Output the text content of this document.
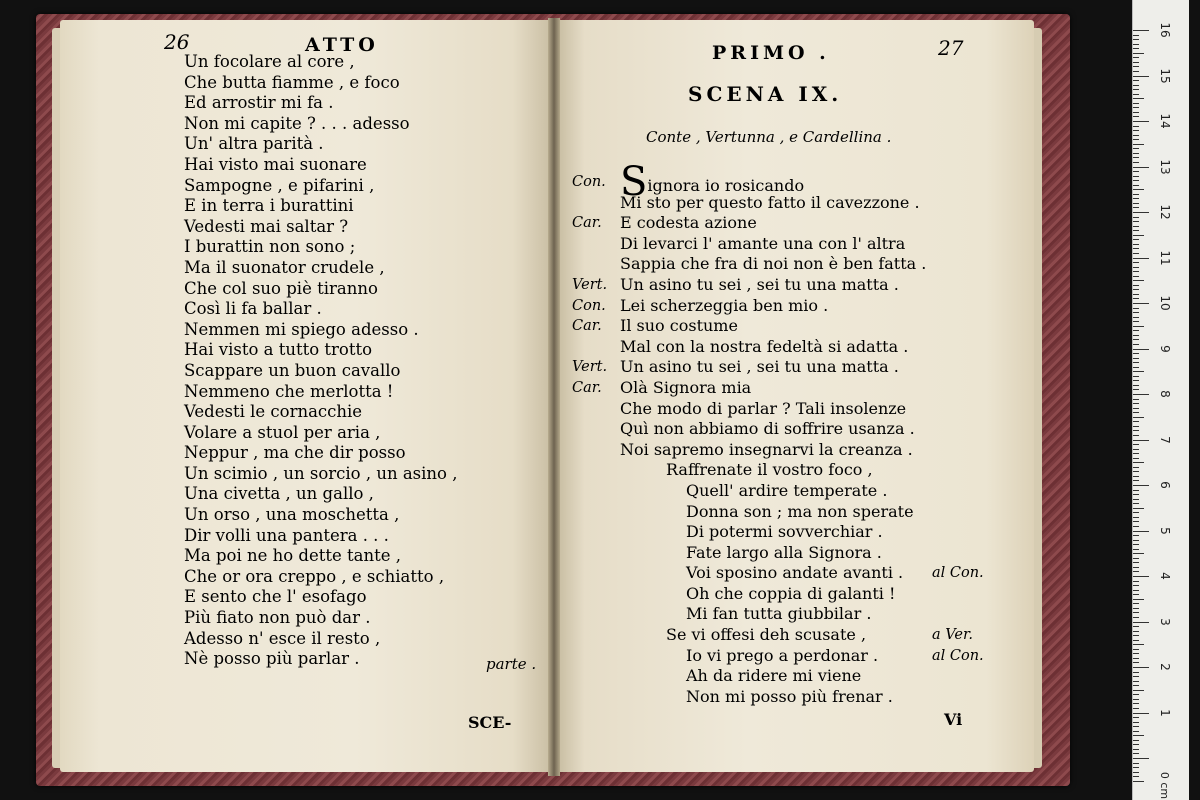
26	ATTO
Un focolare al core ,
Che butta fiamme , e foco
Ed arrostir mi fa .
Non mi capite ? . . . adesso
Un' altra parità .
Hai visto mai suonare
Sampogne , e pifarini ,
E in terra i burattini
Vedesti mai saltar ?
I burattin non sono ;
Ma il suonator crudele ,
Che col suo piè tiranno
Così li fa ballar .
Nemmen mi spiego adesso .
Hai visto a tutto trotto
Scappare un buon cavallo
Nemmeno che merlotta !
Vedesti le cornacchie
Volare a stuol per aria ,
Neppur , ma che dir posso
Un scimio , un sorcio , un asino ,
Una civetta , un gallo ,
Un orso , una moschetta ,
Dir volli una pantera . . .
Ma poi ne ho dette tante ,
Che or ora creppo , e schiatto ,
E sento che l' esofago
Più fiato non può dar .
Adesso n' esce il resto ,
Nè posso più parlar .	parte .
SCE-
PRIMO .	27
SCENA IX.
Conte , Vertunna , e Cardellina .
Con. Signora io rosicando
Mi sto per questo fatto il cavezzone .
Car. E codesta azione
Di levarci l' amante una con l' altra
Sappia che fra di noi non è ben fatta .
Vert. Un asino tu sei , sei tu una matta .
Con. Lei scherzeggia ben mio .
Car. Il suo costume
Mal con la nostra fedeltà si adatta .
Vert. Un asino tu sei , sei tu una matta .
Car. Olà Signora mia
Che modo di parlar ? Tali insolenze
Quì non abbiamo di soffrire usanza .
Noi sapremo insegnarvi la creanza .
Raffrenate il vostro foco ,
Quell' ardire temperate .
Donna son ; ma non sperate
Di potermi sovverchiar .
Fate largo alla Signora .
Voi sposino andate avanti . al Con.
Oh che coppia di galanti !
Mi fan tutta giubbilar .
Se vi offesi deh scusate ,	a Ver.
Io vi prego a perdonar .	al Con.
Ah da ridere mi viene
Non mi posso più frenar .
Vi
0 cm
16
15
14
13
12
11
10
9
8
7
6
5
4
3
2
1
